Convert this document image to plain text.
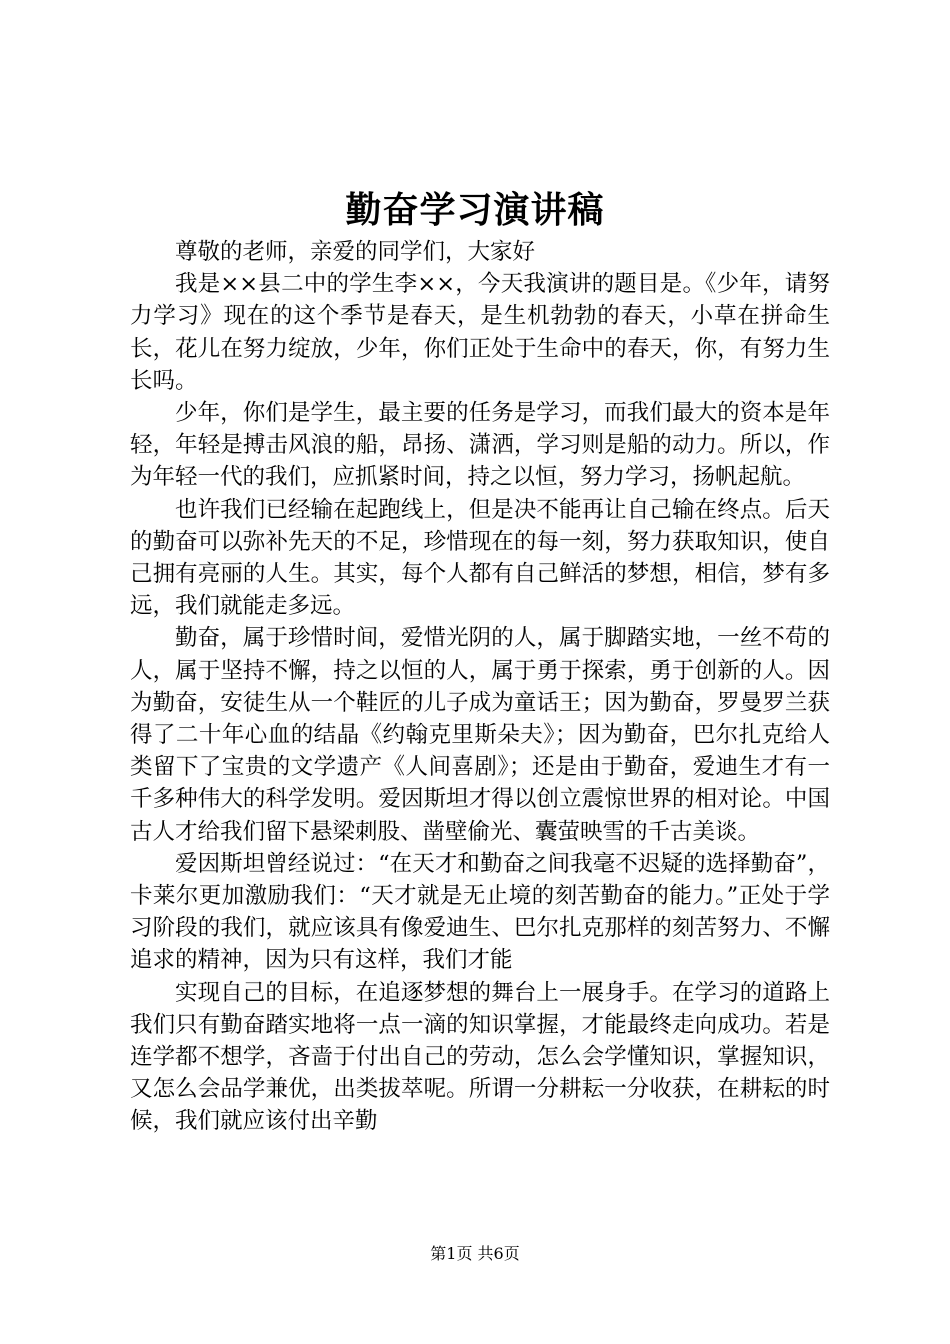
勤奋学习演讲稿

尊敬的老师，亲爱的同学们，大家好

我是××县二中的学生李××，今天我演讲的题目是。《少年，请努力学习》现在的这个季节是春天，是生机勃勃的春天，小草在拼命生长，花儿在努力绽放，少年，你们正处于生命中的春天，你，有努力生长吗。

少年，你们是学生，最主要的任务是学习，而我们最大的资本是年轻，年轻是搏击风浪的船，昂扬、潇洒，学习则是船的动力。所以，作为年轻一代的我们，应抓紧时间，持之以恒，努力学习，扬帆起航。

也许我们已经输在起跑线上，但是决不能再让自己输在终点。后天的勤奋可以弥补先天的不足，珍惜现在的每一刻，努力获取知识，使自己拥有亮丽的人生。其实，每个人都有自己鲜活的梦想，相信，梦有多远，我们就能走多远。

勤奋，属于珍惜时间，爱惜光阴的人，属于脚踏实地，一丝不苟的人，属于坚持不懈，持之以恒的人，属于勇于探索，勇于创新的人。因为勤奋，安徒生从一个鞋匠的儿子成为童话王；因为勤奋，罗曼罗兰获得了二十年心血的结晶《约翰克里斯朵夫》；因为勤奋，巴尔扎克给人类留下了宝贵的文学遗产《人间喜剧》；还是由于勤奋，爱迪生才有一千多种伟大的科学发明。爱因斯坦才得以创立震惊世界的相对论。中国古人才给我们留下悬梁刺股、凿壁偷光、囊萤映雪的千古美谈。

爱因斯坦曾经说过：“在天才和勤奋之间我毫不迟疑的选择勤奋”，卡莱尔更加激励我们：“天才就是无止境的刻苦勤奋的能力。”正处于学习阶段的我们，就应该具有像爱迪生、巴尔扎克那样的刻苦努力、不懈追求的精神，因为只有这样，我们才能

实现自己的目标，在追逐梦想的舞台上一展身手。在学习的道路上我们只有勤奋踏实地将一点一滴的知识掌握，才能最终走向成功。若是连学都不想学，吝啬于付出自己的劳动，怎么会学懂知识，掌握知识，又怎么会品学兼优，出类拔萃呢。所谓一分耕耘一分收获，在耕耘的时候，我们就应该付出辛勤

第1页 共6页
